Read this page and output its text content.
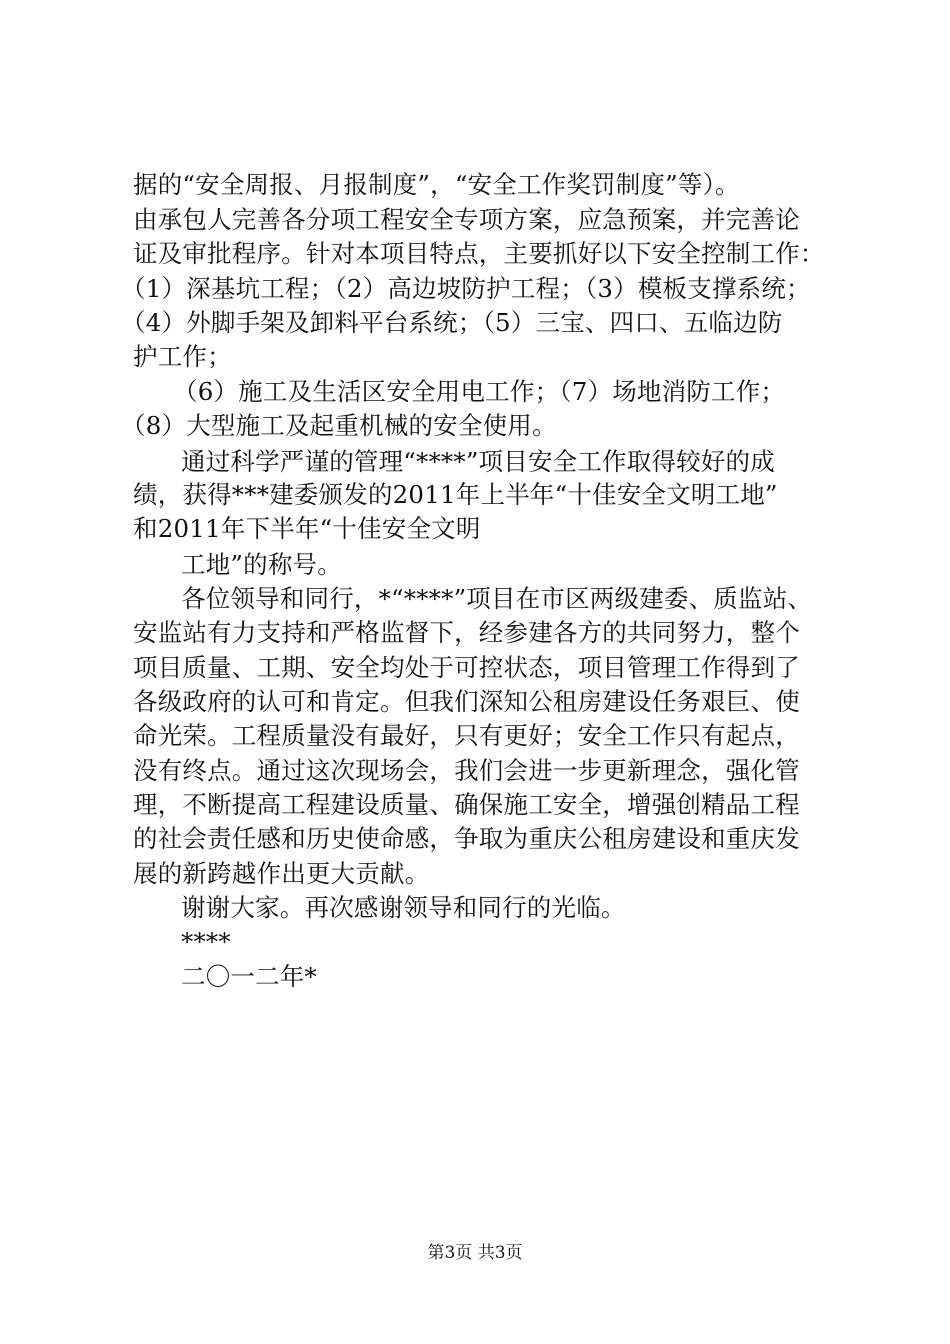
据的“安全周报、月报制度”，“安全工作奖罚制度”等）。
由承包人完善各分项工程安全专项方案，应急预案，并完善论
证及审批程序。针对本项目特点，主要抓好以下安全控制工作：
（1）深基坑工程；（2）高边坡防护工程；（3）模板支撑系统；
（4）外脚手架及卸料平台系统；（5）三宝、四口、五临边防
护工作；
（6）施工及生活区安全用电工作；（7）场地消防工作；
（8）大型施工及起重机械的安全使用。
通过科学严谨的管理“****”项目安全工作取得较好的成
绩，获得***建委颁发的2011年上半年“十佳安全文明工地”
和2011年下半年“十佳安全文明
工地”的称号。
各位领导和同行，*“****”项目在市区两级建委、质监站、
安监站有力支持和严格监督下，经参建各方的共同努力，整个
项目质量、工期、安全均处于可控状态，项目管理工作得到了
各级政府的认可和肯定。但我们深知公租房建设任务艰巨、使
命光荣。工程质量没有最好，只有更好；安全工作只有起点，
没有终点。通过这次现场会，我们会进一步更新理念，强化管
理，不断提高工程建设质量、确保施工安全，增强创精品工程
的社会责任感和历史使命感，争取为重庆公租房建设和重庆发
展的新跨越作出更大贡献。
谢谢大家。再次感谢领导和同行的光临。
****
二〇一二年*
第3页 共3页
